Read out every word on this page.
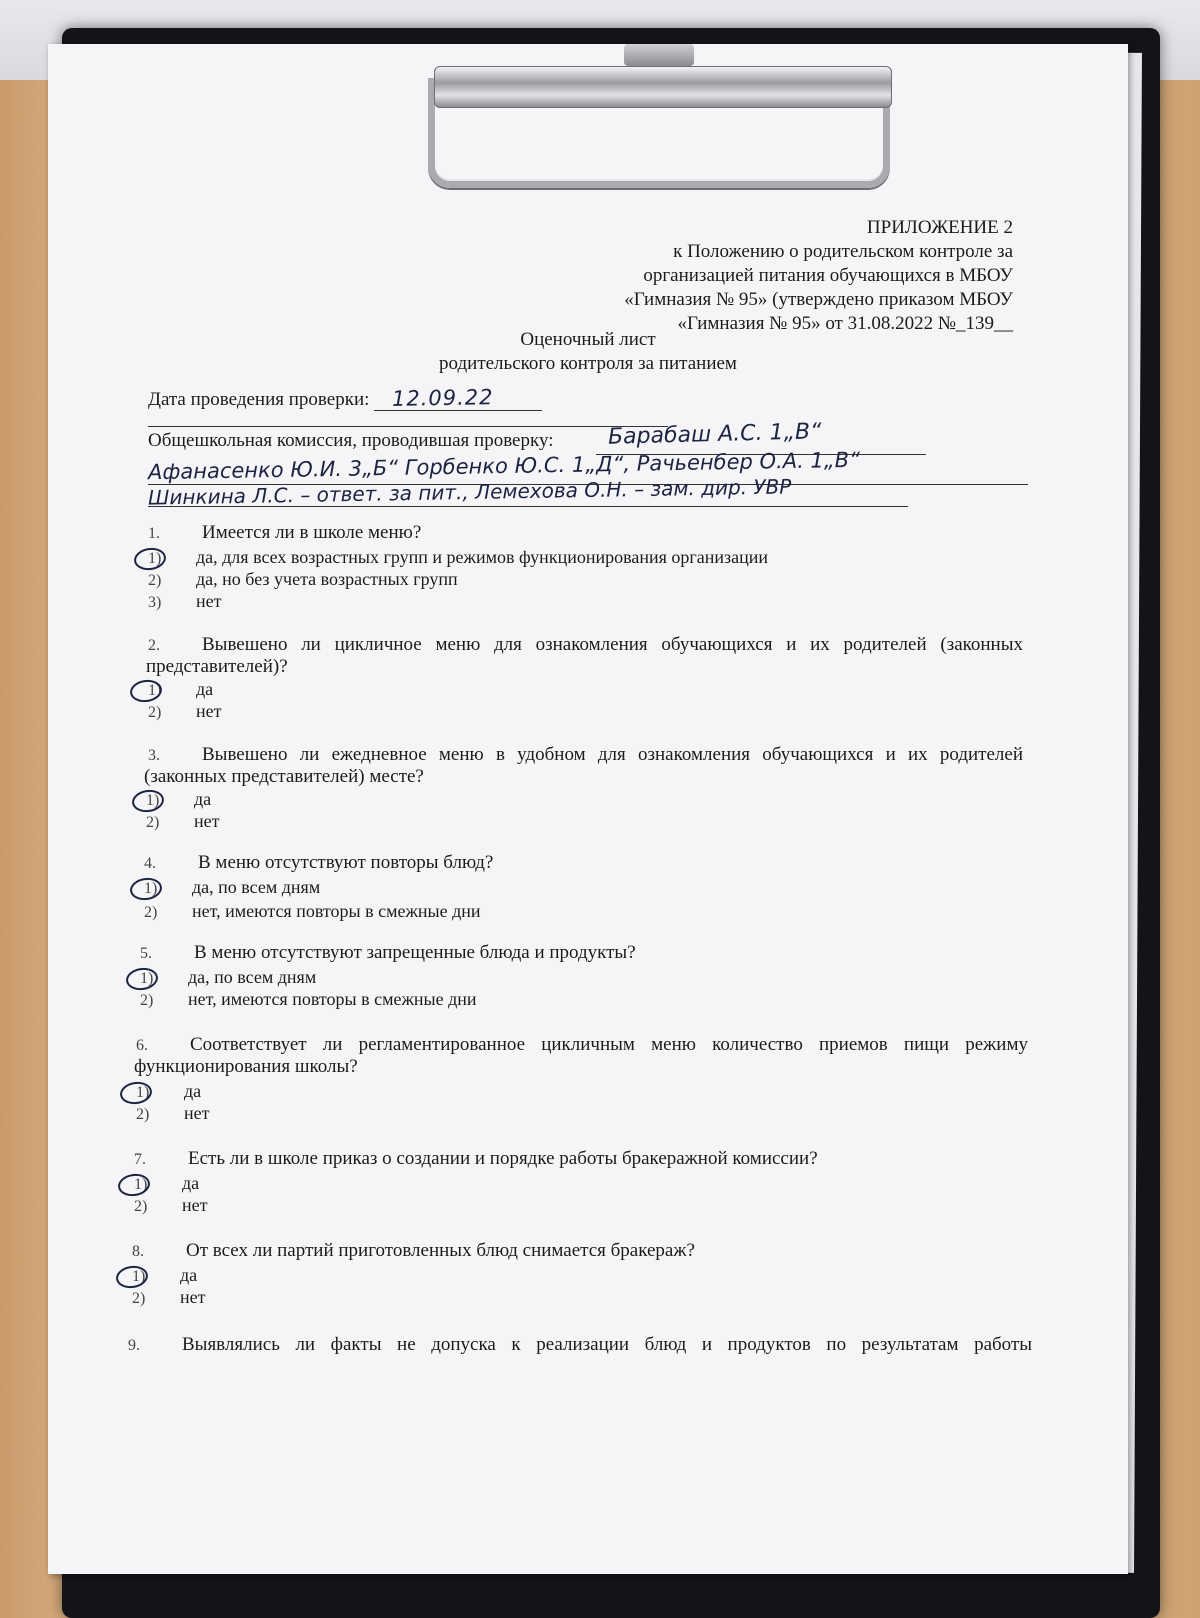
ПРИЛОЖЕНИЕ 2
к Положению о родительском контроле за
организацией питания обучающихся в МБОУ
«Гимназия № 95» (утверждено приказом МБОУ
«Гимназия № 95» от 31.08.2022 №_139__
Оценочный лист
родительского контроля за питанием
Дата проведения проверки: 12.09.22
Общешкольная комиссия, проводившая проверку: Барабаш А.С. 1„В“
Афанасенко Ю.И. 3„Б“ Горбенко Ю.С. 1„Д“, Рачьенбер О.А. 1„В“
Шинкина Л.С. – ответ. за пит., Лемехова О.Н. – зам. дир. УВР
1. Имеется ли в школе меню?
1) да, для всех возрастных групп и режимов функционирования организации
2) да, но без учета возрастных групп
3) нет
2. Вывешено ли цикличное меню для ознакомления обучающихся и их родителей (законных
представителей)?
1) да
2) нет
3. Вывешено ли ежедневное меню в удобном для ознакомления обучающихся и их родителей
(законных представителей) месте?
1) да
2) нет
4. В меню отсутствуют повторы блюд?
1) да, по всем дням
2) нет, имеются повторы в смежные дни
5. В меню отсутствуют запрещенные блюда и продукты?
1) да, по всем дням
2) нет, имеются повторы в смежные дни
6. Соответствует ли регламентированное цикличным меню количество приемов пищи режиму
функционирования школы?
1) да
2) нет
7. Есть ли в школе приказ о создании и порядке работы бракеражной комиссии?
1) да
2) нет
8. От всех ли партий приготовленных блюд снимается бракераж?
1) да
2) нет
9. Выявлялись ли факты не допуска к реализации блюд и продуктов по результатам работы
